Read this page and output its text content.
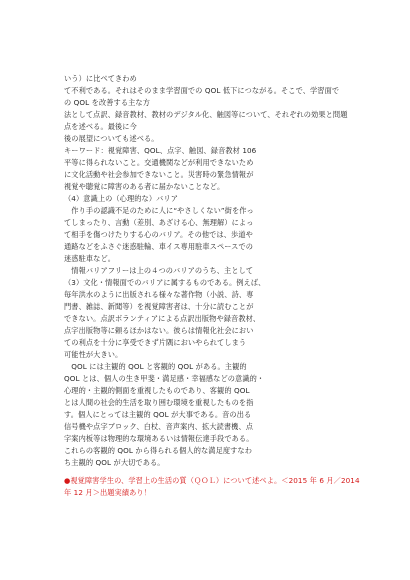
いう）に比べてきわめ
て不利である。それはそのまま学習面での QOL 低下につながる。そこで、学習面で
の QOL を改善する主な方
法として点訳、録音教材、教材のデジタル化、触図等について、それぞれの効果と問題
点を述べる。最後に今
後の展望についても述べる。
キーワード：視覚障害、QOL、点字、触図、録音教材 106
平等に得られないこと。交通機関などが利用できないため
に文化活動や社会参加できないこと。災害時の緊急情報が
視覚や聴覚に障害のある者に届かないことなど。
（4）意識上の（心理的な）バリア
　作り手の認識不足のために人に“やさしくない”街を作っ
てしまったり、言動（差別、あざける心、無理解）によっ
て相手を傷つけたりする心のバリア。その他では、歩道や
通路などをふさぐ迷惑駐輪、車イス専用駐車スペースでの
迷惑駐車など。
　情報バリアフリーは上の４つのバリアのうち、主として
（3）文化・情報面でのバリアに属するものである。例えば、
毎年洪水のように出版される様々な著作物（小説、詩、専
門書、雑誌、新聞等）を視覚障害者は、十分に読むことが
できない。点訳ボランティアによる点訳出版物や録音教材、
点字出版物等に頼るほかはない。彼らは情報化社会におい
ての利点を十分に享受できず片隅においやられてしまう
可能性が大きい。
　QOL には主観的 QOL と客観的 QOL がある。主観的
QOL とは、個人の生き甲斐・満足感・幸福感などの意識的・
心理的・主観的側面を重視したものであり、客観的 QOL
とは人間の社会的生活を取り囲む環境を重視したものを指
す。個人にとっては主観的 QOL が大事である。音の出る
信号機や点字ブロック、白杖、音声案内、拡大読書機、点
字案内板等は物理的な環境あるいは情報伝達手段である。
これらの客観的 QOL から得られる個人的な満足度すなわ
ち主観的 QOL が大切である。
●視覚障害学生の、学習上の生活の質（ＱＯＬ）について述べよ。＜2015 年 6 月／2014
年 12 月＞出題実績あり！
